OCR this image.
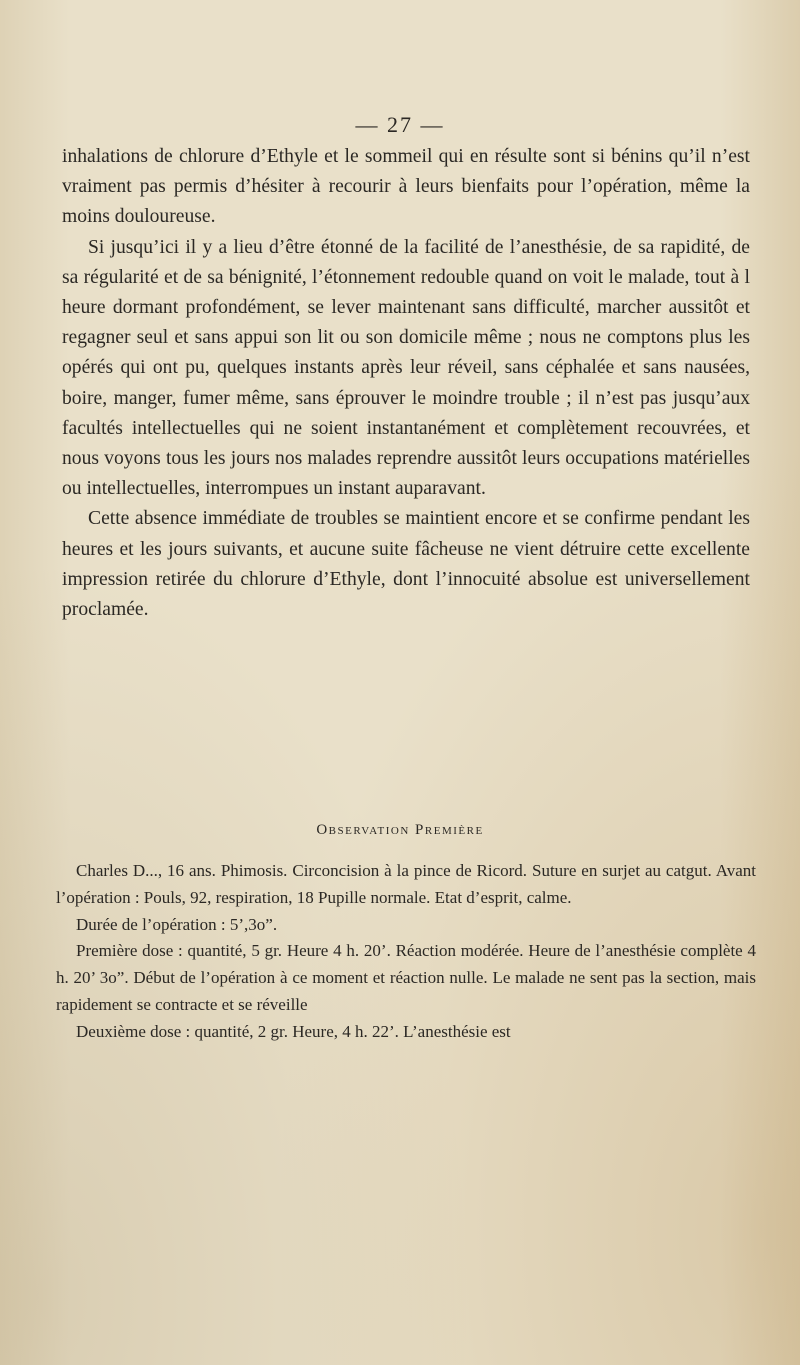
— 27 —

inhalations de chlorure d’Ethyle et le sommeil qui en résulte sont si bénins qu’il n’est vraiment pas permis d’hésiter à recourir à leurs bienfaits pour l’opération, même la moins douloureuse.

Si jusqu’ici il y a lieu d’être étonné de la facilité de l’anesthésie, de sa rapidité, de sa régularité et de sa bénignité, l’étonnement redouble quand on voit le malade, tout à l heure dormant profondément, se lever maintenant sans difficulté, marcher aussitôt et regagner seul et sans appui son lit ou son domicile même ; nous ne comptons plus les opérés qui ont pu, quelques instants après leur réveil, sans céphalée et sans nausées, boire, manger, fumer même, sans éprouver le moindre trouble ; il n’est pas jusqu’aux facultés intellectuelles qui ne soient instantanément et complètement recouvrées, et nous voyons tous les jours nos malades reprendre aussitôt leurs occupations matérielles ou intellectuelles, interrompues un instant auparavant.

Cette absence immédiate de troubles se maintient encore et se confirme pendant les heures et les jours suivants, et aucune suite fâcheuse ne vient détruire cette excellente impression retirée du chlorure d’Ethyle, dont l’innocuité absolue est universellement proclamée.

Observation Première

Charles D..., 16 ans. Phimosis. Circoncision à la pince de Ricord. Suture en surjet au catgut. Avant l’opération : Pouls, 92, respiration, 18 Pupille normale. Etat d’esprit, calme.

Durée de l’opération : 5’,3o”.

Première dose : quantité, 5 gr. Heure 4 h. 20’. Réaction modérée. Heure de l’anesthésie complète 4 h. 20’ 3o”. Début de l’opération à ce moment et réaction nulle. Le malade ne sent pas la section, mais rapidement se contracte et se réveille

Deuxième dose : quantité, 2 gr. Heure, 4 h. 22’. L’anesthésie est
